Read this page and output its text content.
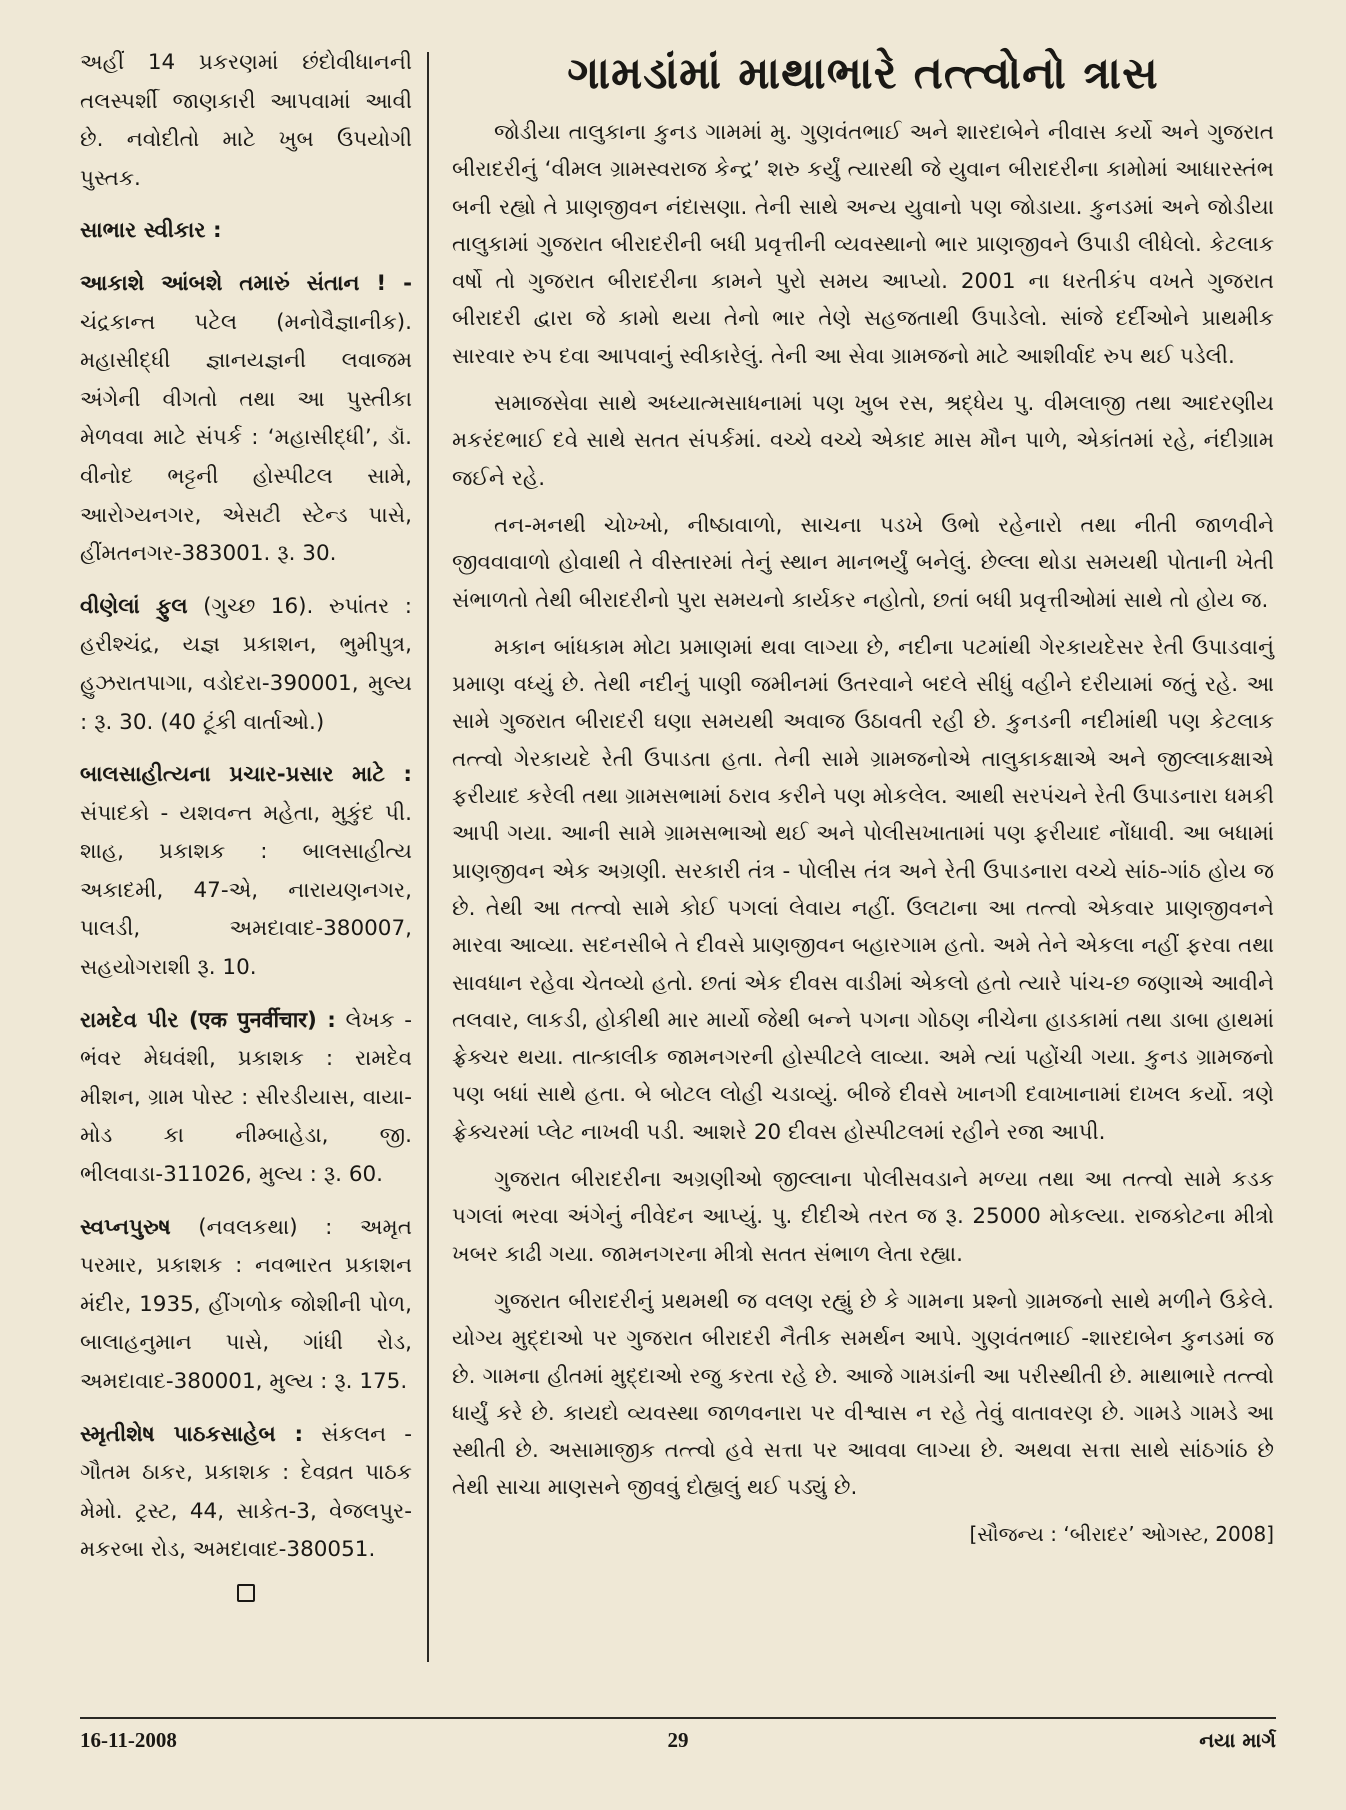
અહીં 14 પ્રકરણમાં છંદોવીધાનની તલસ્પર્શી જાણકારી આપવામાં આવી છે. નવોદીતો માટે ખુબ ઉપયોગી પુસ્તક.

સાભાર સ્વીકાર :

આકાશે આંબશે તમારું સંતાન ! - ચંદ્રકાન્ત પટેલ (મનોવૈજ્ઞાનીક). મહાસીદ્ધી જ્ઞાનયજ્ઞની લવાજમ અંગેની વીગતો તથા આ પુસ્તીકા મેળવવા માટે સંપર્ક : ‘મહાસીદ્ધી’, ડૉ. વીનોદ ભટ્ટની હોસ્પીટલ સામે, આરોગ્યનગર, એસટી સ્ટેન્ડ પાસે, હીંમતનગર-383001. રૂ. 30.

વીણેલાં ફુલ (ગુચ્છ 16). રુપાંતર : હરીશ્ચંદ્ર, યજ્ઞ પ્રકાશન, ભુમીપુત્ર, હુઝરાતપાગા, વડોદરા-390001, મુલ્ય : રૂ. 30. (40 ટૂંકી વાર્તાઓ.)

બાલસાહીત્યના પ્રચાર-પ્રસાર માટે : સંપાદકો - યશવન્ત મહેતા, મુકુંદ પી. શાહ, પ્રકાશક : બાલસાહીત્ય અકાદમી, 47-એ, નારાયણનગર, પાલડી, અમદાવાદ-380007, સહયોગરાશી રૂ. 10.

રામદેવ પીર (एक पुनर्वीचार) : લેખક - ભંવર મેઘવંશી, પ્રકાશક : રામદેવ મીશન, ગ્રામ પોસ્ટ : સીરડીયાસ, વાયા-મોડ કા નીમ્બાહેડા, જી. ભીલવાડા-311026, મુલ્ય : રૂ. 60.

સ્વપ્નપુરુષ (નવલકથા) : અમૃત પરમાર, પ્રકાશક : નવભારત પ્રકાશન મંદીર, 1935, હીંગળોક જોશીની પોળ, બાલાહનુમાન પાસે, ગાંધી રોડ, અમદાવાદ-380001, મુલ્ય : રૂ. 175.

સ્મૃતીશેષ પાઠકસાહેબ : સંકલન - ગૌતમ ઠાકર, પ્રકાશક : દેવવ્રત પાઠક મેમો. ટ્રસ્ટ, 44, સાકેત-3, વેજલપુર-મકરબા રોડ, અમદાવાદ-380051.

ગામડાંમાં માથાભારે તત્ત્વોનો ત્રાસ

જોડીયા તાલુકાના કુનડ ગામમાં મુ. ગુણવંતભાઈ અને શારદાબેને નીવાસ કર્યો અને ગુજરાત બીરાદરીનું ‘વીમલ ગ્રામસ્વરાજ કેન્દ્ર’ શરુ કર્યું ત્યારથી જે યુવાન બીરાદરીના કામોમાં આધારસ્તંભ બની રહ્યો તે પ્રાણજીવન નંદાસણા. તેની સાથે અન્ય યુવાનો પણ જોડાયા. કુનડમાં અને જોડીયા તાલુકામાં ગુજરાત બીરાદરીની બધી પ્રવૃત્તીની વ્યવસ્થાનો ભાર પ્રાણજીવને ઉપાડી લીધેલો. કેટલાક વર્ષો તો ગુજરાત બીરાદરીના કામને પુરો સમય આપ્યો. 2001 ના ધરતીકંપ વખતે ગુજરાત બીરાદરી દ્વારા જે કામો થયા તેનો ભાર તેણે સહજતાથી ઉપાડેલો. સાંજે દર્દીઓને પ્રાથમીક સારવાર રુપ દવા આપવાનું સ્વીકારેલું. તેની આ સેવા ગ્રામજનો માટે આશીર્વાદ રુપ થઈ પડેલી.

સમાજસેવા સાથે અધ્યાત્મસાધનામાં પણ ખુબ રસ, શ્રદ્ધેય પુ. વીમલાજી તથા આદરણીય મકરંદભાઈ દવે સાથે સતત સંપર્કમાં. વચ્ચે વચ્ચે એકાદ માસ મૌન પાળે, એકાંતમાં રહે, નંદીગ્રામ જઈને રહે.

તન-મનથી ચોખ્ખો, નીષ્ઠાવાળો, સાચના પડખે ઉભો રહેનારો તથા નીતી જાળવીને જીવવાવાળો હોવાથી તે વીસ્તારમાં તેનું સ્થાન માનભર્યું બનેલું. છેલ્લા થોડા સમયથી પોતાની ખેતી સંભાળતો તેથી બીરાદરીનો પુરા સમયનો કાર્યકર નહોતો, છતાં બધી પ્રવૃત્તીઓમાં સાથે તો હોય જ.

મકાન બાંધકામ મોટા પ્રમાણમાં થવા લાગ્યા છે, નદીના પટમાંથી ગેરકાયદેસર રેતી ઉપાડવાનું પ્રમાણ વધ્યું છે. તેથી નદીનું પાણી જમીનમાં ઉતરવાને બદલે સીધું વહીને દરીયામાં જતું રહે. આ સામે ગુજરાત બીરાદરી ઘણા સમયથી અવાજ ઉઠાવતી રહી છે. કુનડની નદીમાંથી પણ કેટલાક તત્ત્વો ગેરકાયદે રેતી ઉપાડતા હતા. તેની સામે ગ્રામજનોએ તાલુકાકક્ષાએ અને જીલ્લાકક્ષાએ ફરીયાદ કરેલી તથા ગ્રામસભામાં ઠરાવ કરીને પણ મોકલેલ. આથી સરપંચને રેતી ઉપાડનારા ધમકી આપી ગયા. આની સામે ગ્રામસભાઓ થઈ અને પોલીસખાતામાં પણ ફરીયાદ નોંધાવી. આ બધામાં પ્રાણજીવન એક અગ્રણી. સરકારી તંત્ર - પોલીસ તંત્ર અને રેતી ઉપાડનારા વચ્ચે સાંઠ-ગાંઠ હોય જ છે. તેથી આ તત્ત્વો સામે કોઈ પગલાં લેવાય નહીં. ઉલટાના આ તત્ત્વો એકવાર પ્રાણજીવનને મારવા આવ્યા. સદનસીબે તે દીવસે પ્રાણજીવન બહારગામ હતો. અમે તેને એકલા નહીં ફરવા તથા સાવધાન રહેવા ચેતવ્યો હતો. છતાં એક દીવસ વાડીમાં એકલો હતો ત્યારે પાંચ-છ જણાએ આવીને તલવાર, લાકડી, હોકીથી માર માર્યો જેથી બન્ને પગના ગોઠણ નીચેના હાડકામાં તથા ડાબા હાથમાં ફ્રેક્ચર થયા. તાત્કાલીક જામનગરની હોસ્પીટલે લાવ્યા. અમે ત્યાં પહોંચી ગયા. કુનડ ગ્રામજનો પણ બધાં સાથે હતા. બે બોટલ લોહી ચડાવ્યું. બીજે દીવસે ખાનગી દવાખાનામાં દાખલ કર્યો. ત્રણે ફ્રેક્ચરમાં પ્લેટ નાખવી પડી. આશરે 20 દીવસ હોસ્પીટલમાં રહીને રજા આપી.

ગુજરાત બીરાદરીના અગ્રણીઓ જીલ્લાના પોલીસવડાને મળ્યા તથા આ તત્ત્વો સામે કડક પગલાં ભરવા અંગેનું નીવેદન આપ્યું. પુ. દીદીએ તરત જ રૂ. 25000 મોકલ્યા. રાજકોટના મીત્રો ખબર કાઢી ગયા. જામનગરના મીત્રો સતત સંભાળ લેતા રહ્યા.

ગુજરાત બીરાદરીનું પ્રથમથી જ વલણ રહ્યું છે કે ગામના પ્રશ્નો ગ્રામજનો સાથે મળીને ઉકેલે. યોગ્ય મુદ્દાઓ પર ગુજરાત બીરાદરી નૈતીક સમર્થન આપે. ગુણવંતભાઈ -શારદાબેન કુનડમાં જ છે. ગામના હીતમાં મુદ્દાઓ રજુ કરતા રહે છે. આજે ગામડાંની આ પરીસ્થીતી છે. માથાભારે તત્ત્વો ધાર્યું કરે છે. કાયદો વ્યવસ્થા જાળવનારા પર વીશ્વાસ ન રહે તેવું વાતાવરણ છે. ગામડે ગામડે આ સ્થીતી છે. અસામાજીક તત્ત્વો હવે સત્તા પર આવવા લાગ્યા છે. અથવા સત્તા સાથે સાંઠગાંઠ છે તેથી સાચા માણસને જીવવું દોહ્યલું થઈ પડ્યું છે.

[સૌજન્ય : ‘બીરાદર’ ઓગસ્ટ, 2008]
16-11-2008	29	નયા માર્ગ
